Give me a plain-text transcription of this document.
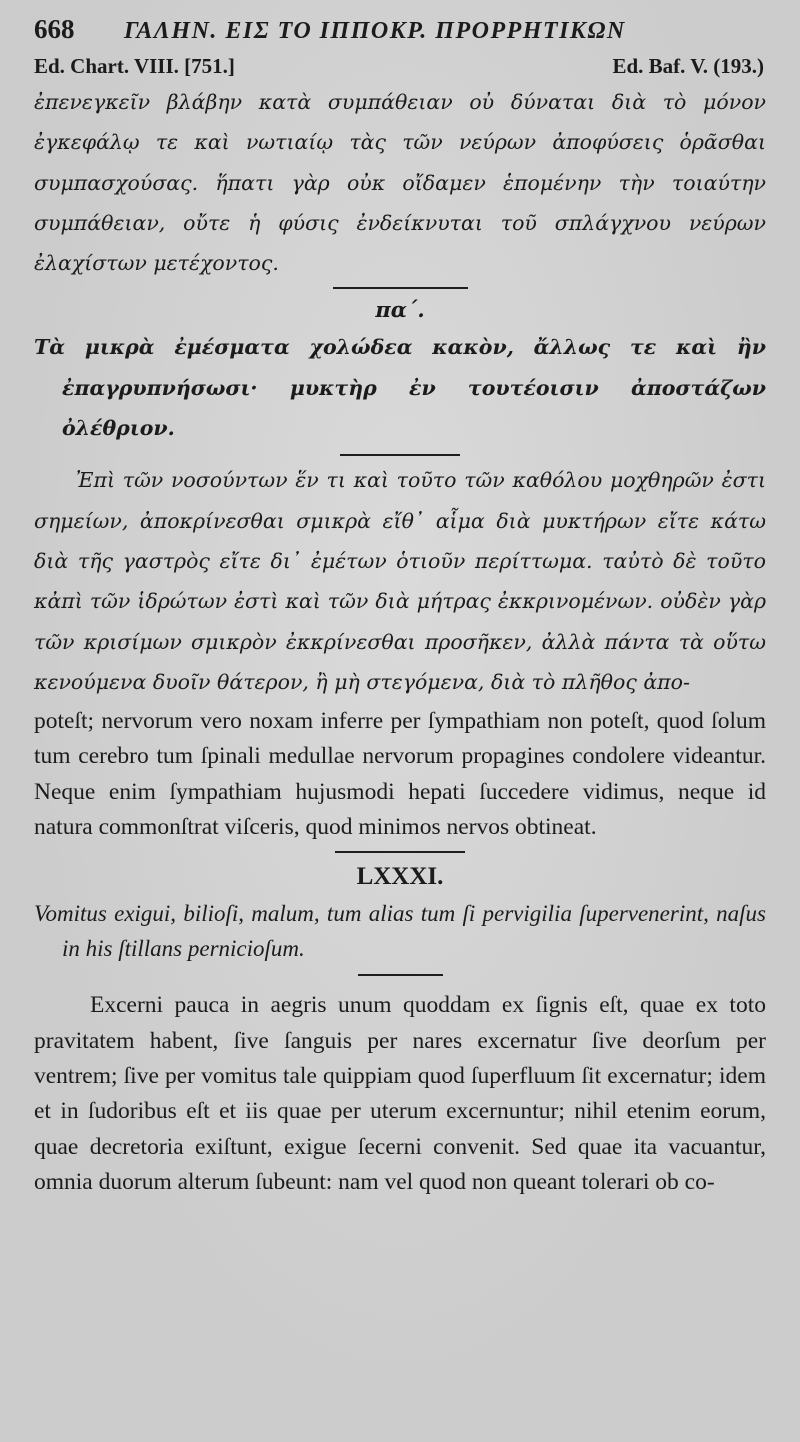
668	ΓΑΛΗΝ. ΕΙΣ ΤΟ ΙΠΠΟΚΡ. ΠΡΟΡΡΗΤΙΚΩΝ
Ed. Chart. VIII. [751.]	Ed. Baf. V. (193.)

ἐπενεγκεῖν βλάβην κατὰ συμπάθειαν οὐ δύναται διὰ τὸ μόνον ἐγκεφάλῳ τε καὶ νωτιαίῳ τὰς τῶν νεύρων ἀποφύσεις ὁρᾶσθαι συμπασχούσας. ἥπατι γὰρ οὐκ οἴδαμεν ἑπομένην τὴν τοιαύτην συμπάθειαν, οὔτε ἡ φύσις ἐνδείκνυται τοῦ σπλάγχνου νεύρων ἐλαχίστων μετέχοντος.

πα΄.

Τὰ μικρὰ ἐμέσματα χολώδεα κακὸν, ἄλλως τε καὶ ἢν ἐπαγρυπνήσωσι· μυκτὴρ ἐν τουτέοισιν ἀποστάζων ὀλέθριον.

Ἐπὶ τῶν νοσούντων ἕν τι καὶ τοῦτο τῶν καθόλου μοχθηρῶν ἐστι σημείων, ἀποκρίνεσθαι σμικρὰ εἴθ᾽ αἷμα διὰ μυκτήρων εἴτε κάτω διὰ τῆς γαστρὸς εἴτε δι᾽ ἐμέτων ὁτιοῦν περίττωμα. ταὐτὸ δὲ τοῦτο κἀπὶ τῶν ἱδρώτων ἐστὶ καὶ τῶν διὰ μήτρας ἐκκρινομένων. οὐδὲν γὰρ τῶν κρισίμων σμικρὸν ἐκκρίνεσθαι προσῆκεν, ἀλλὰ πάντα τὰ οὕτω κενούμενα δυοῖν θάτερον, ἢ μὴ στεγόμενα, διὰ τὸ πλῆθος ἀπο-

poteſt; nervorum vero noxam inferre per ſympathiam non poteſt, quod ſolum tum cerebro tum ſpinali medullae nervorum propagines condolere videantur. Neque enim ſympathiam hujusmodi hepati ſuccedere vidimus, neque id natura commonſtrat viſceris, quod minimos nervos obtineat.

LXXXI.

Vomitus exigui, bilioſi, malum, tum alias tum ſi pervigilia ſupervenerint, naſus in his ſtillans pernicioſum.

Excerni pauca in aegris unum quoddam ex ſignis eſt, quae ex toto pravitatem habent, ſive ſanguis per nares excernatur ſive deorſum per ventrem; ſive per vomitus tale quippiam quod ſuperfluum ſit excernatur; idem et in ſudoribus eſt et iis quae per uterum excernuntur; nihil etenim eorum, quae decretoria exiſtunt, exigue ſecerni convenit. Sed quae ita vacuantur, omnia duorum alterum ſubeunt: nam vel quod non queant tolerari ob co-
